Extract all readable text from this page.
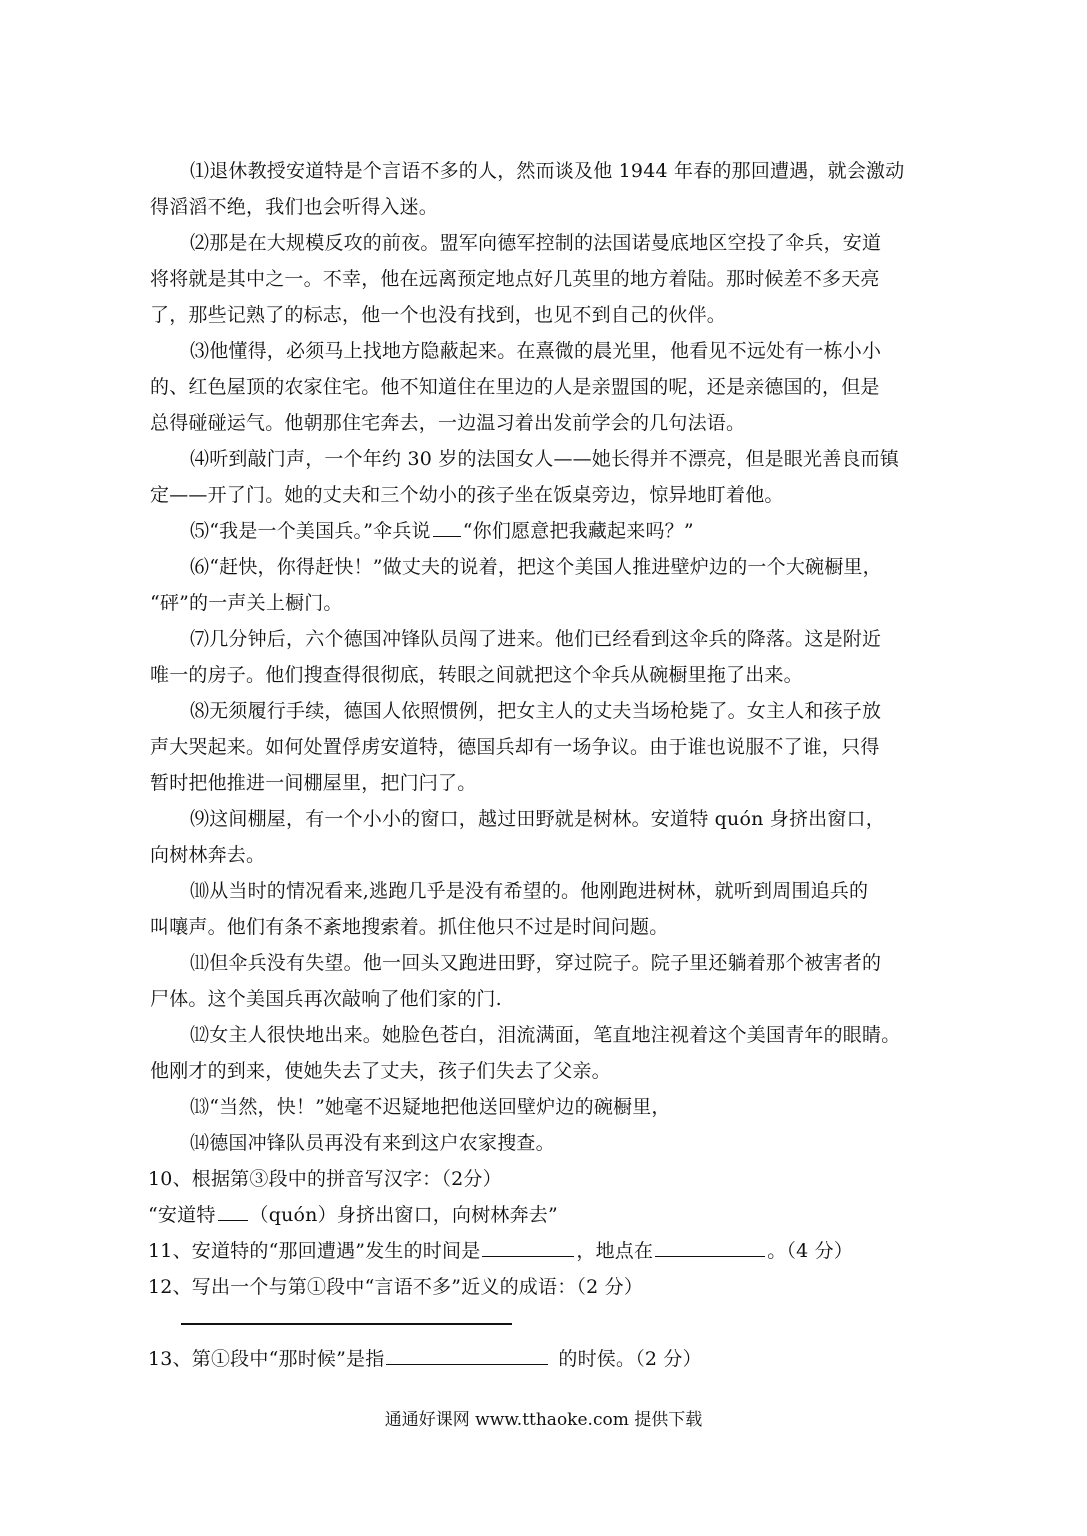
⑴退休教授安道特是个言语不多的人，然而谈及他 1944 年春的那回遭遇，就会激动
得滔滔不绝，我们也会听得入迷。
⑵那是在大规模反攻的前夜。盟军向德军控制的法国诺曼底地区空投了伞兵，安道
将将就是其中之一。不幸，他在远离预定地点好几英里的地方着陆。那时候差不多天亮
了，那些记熟了的标志，他一个也没有找到，也见不到自己的伙伴。
⑶他懂得，必须马上找地方隐蔽起来。在熹微的晨光里，他看见不远处有一栋小小
的、红色屋顶的农家住宅。他不知道住在里边的人是亲盟国的呢，还是亲德国的，但是
总得碰碰运气。他朝那住宅奔去，一边温习着出发前学会的几句法语。
⑷听到敲门声，一个年约 30 岁的法国女人——她长得并不漂亮，但是眼光善良而镇
定——开了门。她的丈夫和三个幼小的孩子坐在饭桌旁边，惊异地盯着他。
⑸“我是一个美国兵。”伞兵说 “你们愿意把我藏起来吗？”
⑹“赶快，你得赶快！”做丈夫的说着，把这个美国人推进壁炉边的一个大碗橱里，
“砰”的一声关上橱门。
⑺几分钟后，六个德国冲锋队员闯了进来。他们已经看到这伞兵的降落。这是附近
唯一的房子。他们搜查得很彻底，转眼之间就把这个伞兵从碗橱里拖了出来。
⑻无须履行手续，德国人依照惯例，把女主人的丈夫当场枪毙了。女主人和孩子放
声大哭起来。如何处置俘虏安道特，德国兵却有一场争议。由于谁也说服不了谁，只得
暂时把他推进一间棚屋里，把门闩了。
⑼这间棚屋，有一个小小的窗口，越过田野就是树林。安道特 quón 身挤出窗口，
向树林奔去。
⑽从当时的情况看来,逃跑几乎是没有希望的。他刚跑进树林，就听到周围追兵的
叫嚷声。他们有条不紊地搜索着。抓住他只不过是时间问题。
⑾但伞兵没有失望。他一回头又跑进田野，穿过院子。院子里还躺着那个被害者的
尸体。这个美国兵再次敲响了他们家的门.
⑿女主人很快地出来。她脸色苍白，泪流满面，笔直地注视着这个美国青年的眼睛。
他刚才的到来，使她失去了丈夫，孩子们失去了父亲。
⒀“当然，快！”她毫不迟疑地把他送回壁炉边的碗橱里，
⒁德国冲锋队员再没有来到这户农家搜查。
10、根据第③段中的拼音写汉字：（2分）
“安道特 （quón）身挤出窗口，向树林奔去”
11、安道特的“那回遭遇”发生的时间是	，地点在	。（4 分）
12、写出一个与第①段中“言语不多”近义的成语：（2 分）
13、第①段中“那时候”是指	的时侯。（2 分）
通通好课网 www.tthaoke.com 提供下载
